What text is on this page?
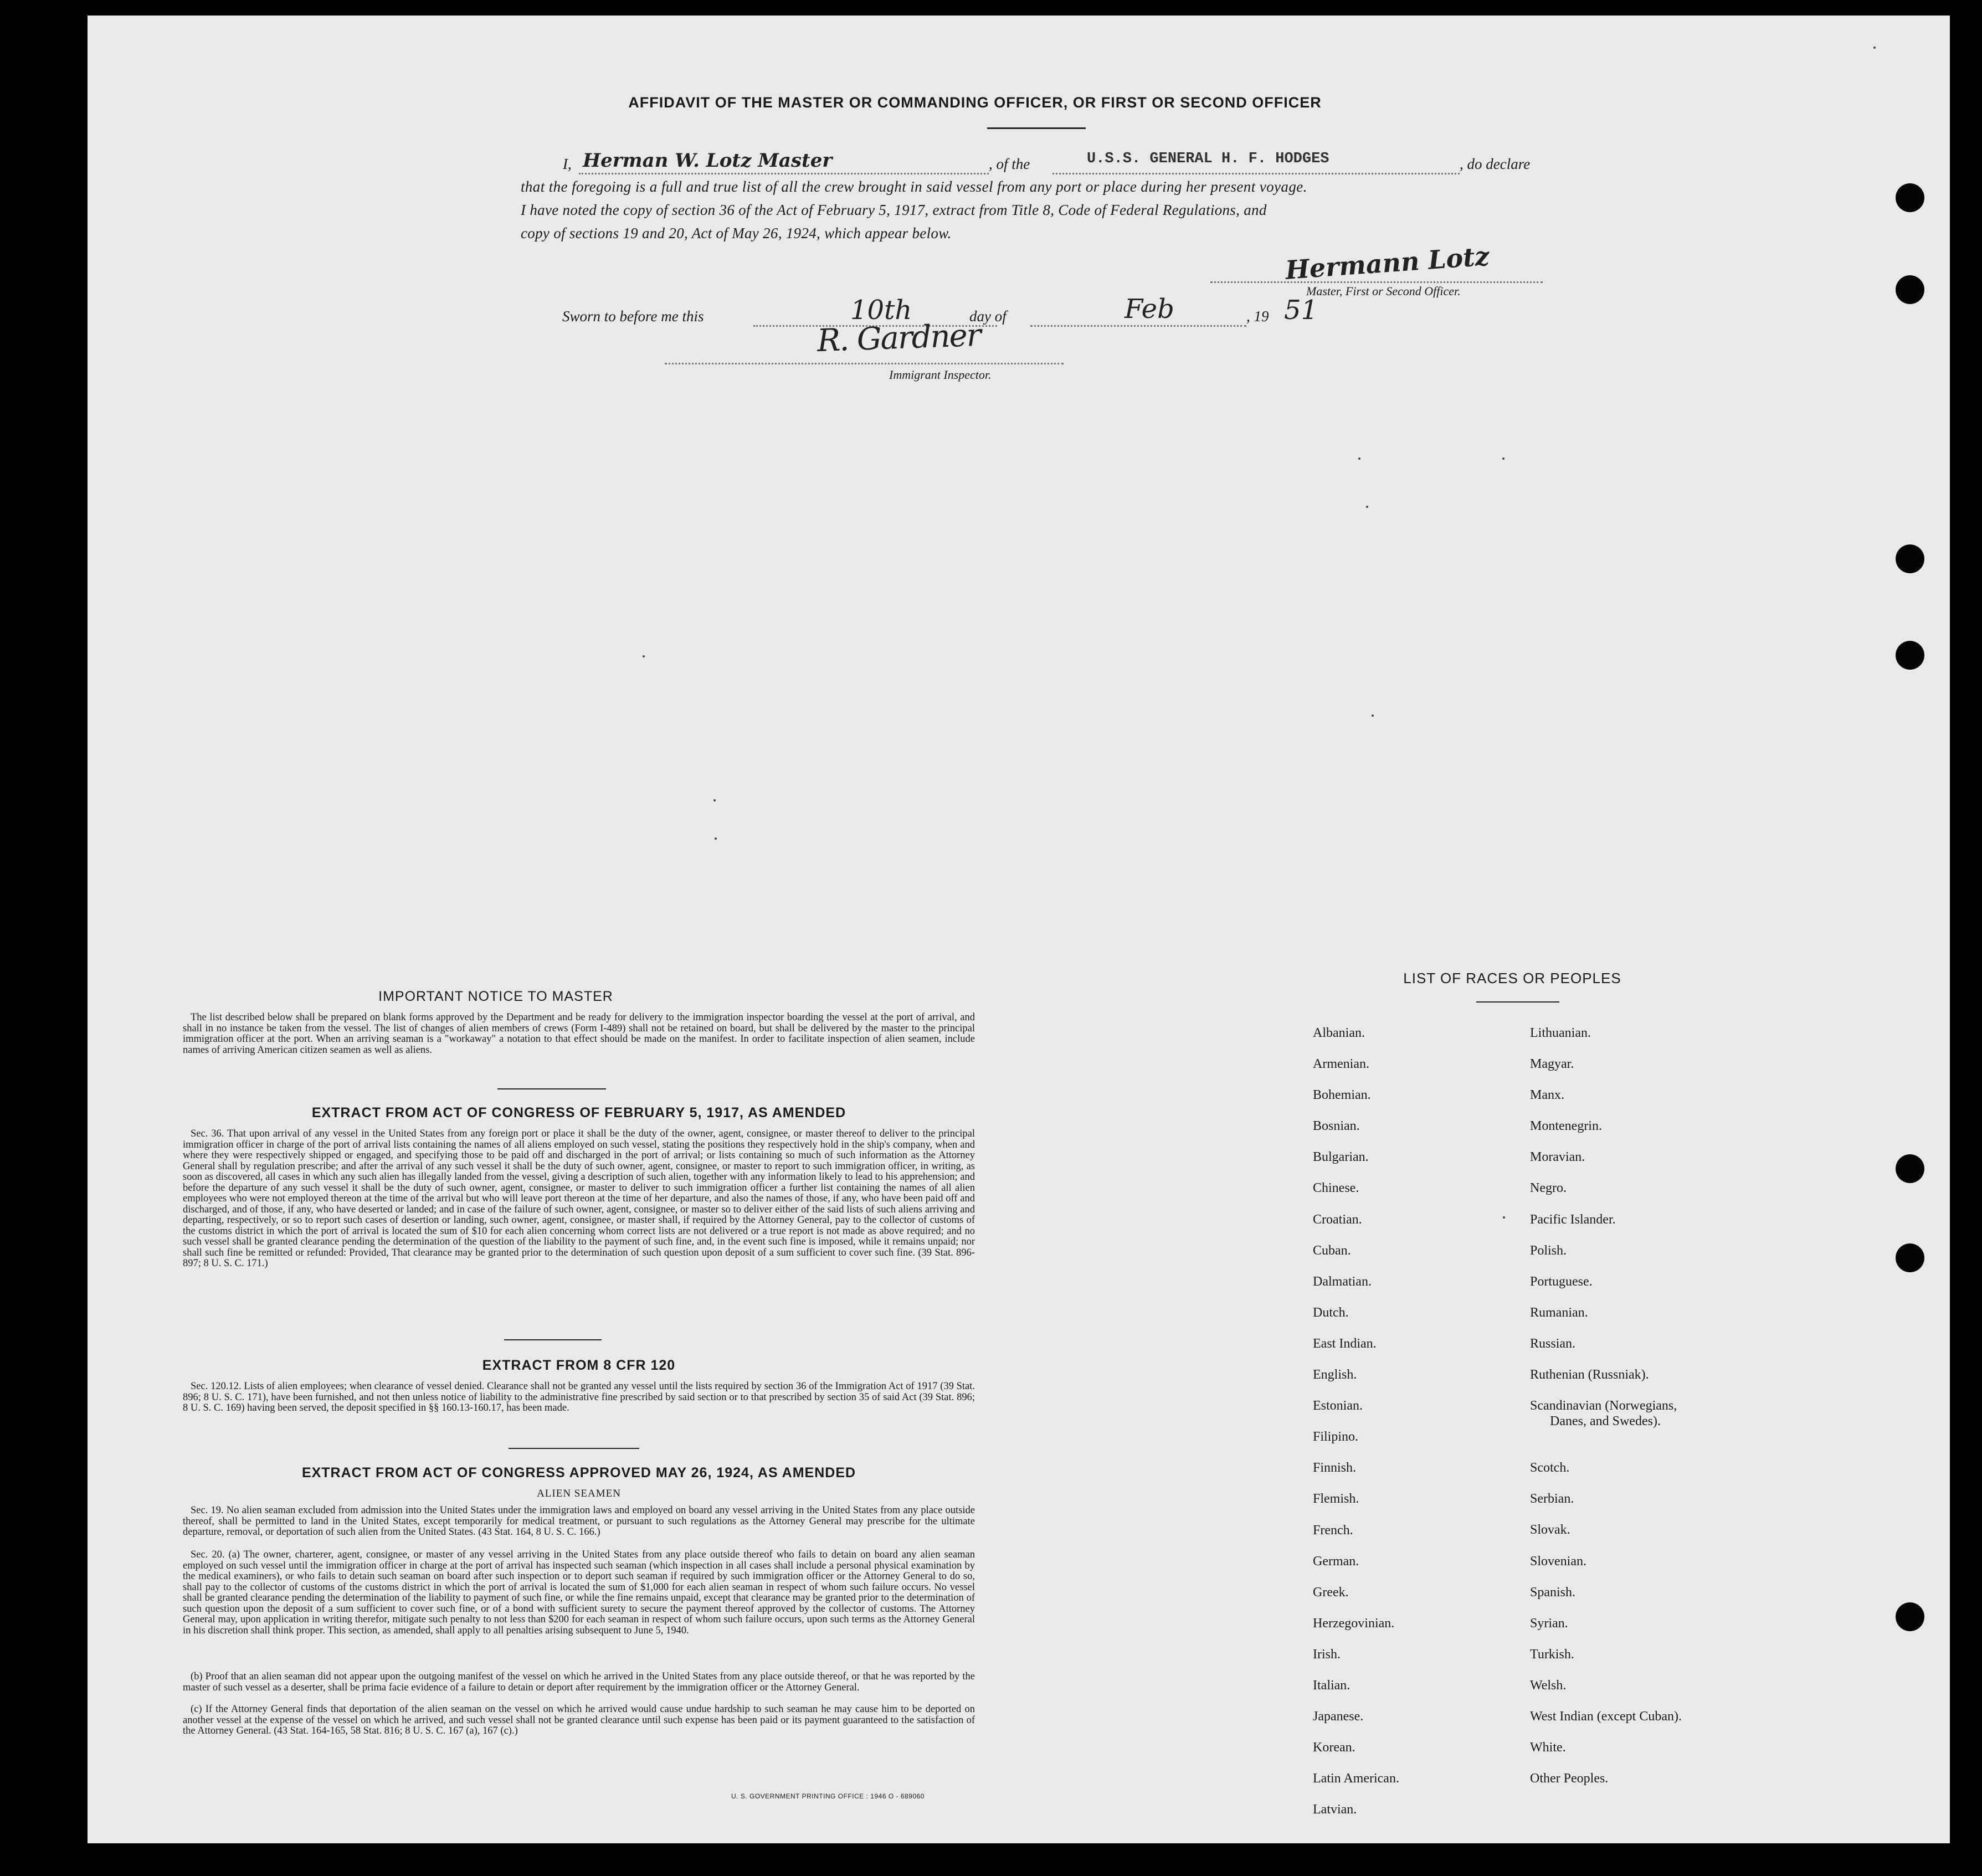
AFFIDAVIT OF THE MASTER OR COMMANDING OFFICER, OR FIRST OR SECOND OFFICER
I, Herman W. Lotz Master	, of the	U.S.S. GENERAL H. F. HODGES	, do declare
that the foregoing is a full and true list of all the crew brought in said vessel from any port or place during her present voyage.
I have noted the copy of section 36 of the Act of February 5, 1917, extract from Title 8, Code of Federal Regulations, and
copy of sections 19 and 20, Act of May 26, 1924, which appear below.
Hermann Lotz
Master, First or Second Officer.
Sworn to before me this	10th	day of	Feb	, 19 51
R. Gardner
Immigrant Inspector.
IMPORTANT NOTICE TO MASTER
The list described below shall be prepared on blank forms approved by the Department and be ready for delivery to the immigration inspector boarding the vessel at the port of arrival, and shall in no instance be taken from the vessel. The list of changes of alien members of crews (Form I-489) shall not be retained on board, but shall be delivered by the master to the principal immigration officer at the port. When an arriving seaman is a "workaway" a notation to that effect should be made on the manifest. In order to facilitate inspection of alien seamen, include names of arriving American citizen seamen as well as aliens.
EXTRACT FROM ACT OF CONGRESS OF FEBRUARY 5, 1917, AS AMENDED
Sec. 36. That upon arrival of any vessel in the United States from any foreign port or place it shall be the duty of the owner, agent, consignee, or master thereof to deliver to the principal immigration officer in charge of the port of arrival lists containing the names of all aliens employed on such vessel, stating the positions they respectively hold in the ship's company, when and where they were respectively shipped or engaged, and specifying those to be paid off and discharged in the port of arrival; or lists containing so much of such information as the Attorney General shall by regulation prescribe; and after the arrival of any such vessel it shall be the duty of such owner, agent, consignee, or master to report to such immigration officer, in writing, as soon as discovered, all cases in which any such alien has illegally landed from the vessel, giving a description of such alien, together with any information likely to lead to his apprehension; and before the departure of any such vessel it shall be the duty of such owner, agent, consignee, or master to deliver to such immigration officer a further list containing the names of all alien employees who were not employed thereon at the time of the arrival but who will leave port thereon at the time of her departure, and also the names of those, if any, who have been paid off and discharged, and of those, if any, who have deserted or landed; and in case of the failure of such owner, agent, consignee, or master so to deliver either of the said lists of such aliens arriving and departing, respectively, or so to report such cases of desertion or landing, such owner, agent, consignee, or master shall, if required by the Attorney General, pay to the collector of customs of the customs district in which the port of arrival is located the sum of $10 for each alien concerning whom correct lists are not delivered or a true report is not made as above required; and no such vessel shall be granted clearance pending the determination of the question of the liability to the payment of such fine, and, in the event such fine is imposed, while it remains unpaid; nor shall such fine be remitted or refunded: Provided, That clearance may be granted prior to the determination of such question upon deposit of a sum sufficient to cover such fine. (39 Stat. 896-897; 8 U. S. C. 171.)
EXTRACT FROM 8 CFR 120
Sec. 120.12. Lists of alien employees; when clearance of vessel denied. Clearance shall not be granted any vessel until the lists required by section 36 of the Immigration Act of 1917 (39 Stat. 896; 8 U. S. C. 171), have been furnished, and not then unless notice of liability to the administrative fine prescribed by said section or to that prescribed by section 35 of said Act (39 Stat. 896; 8 U. S. C. 169) having been served, the deposit specified in §§ 160.13-160.17, has been made.
EXTRACT FROM ACT OF CONGRESS APPROVED MAY 26, 1924, AS AMENDED
ALIEN SEAMEN
Sec. 19. No alien seaman excluded from admission into the United States under the immigration laws and employed on board any vessel arriving in the United States from any place outside thereof, shall be permitted to land in the United States, except temporarily for medical treatment, or pursuant to such regulations as the Attorney General may prescribe for the ultimate departure, removal, or deportation of such alien from the United States. (43 Stat. 164, 8 U. S. C. 166.)
Sec. 20. (a) The owner, charterer, agent, consignee, or master of any vessel arriving in the United States from any place outside thereof who fails to detain on board any alien seaman employed on such vessel until the immigration officer in charge at the port of arrival has inspected such seaman (which inspection in all cases shall include a personal physical examination by the medical examiners), or who fails to detain such seaman on board after such inspection or to deport such seaman if required by such immigration officer or the Attorney General to do so, shall pay to the collector of customs of the customs district in which the port of arrival is located the sum of $1,000 for each alien seaman in respect of whom such failure occurs. No vessel shall be granted clearance pending the determination of the liability to payment of such fine, or while the fine remains unpaid, except that clearance may be granted prior to the determination of such question upon the deposit of a sum sufficient to cover such fine, or of a bond with sufficient surety to secure the payment thereof approved by the collector of customs. The Attorney General may, upon application in writing therefor, mitigate such penalty to not less than $200 for each seaman in respect of whom such failure occurs, upon such terms as the Attorney General in his discretion shall think proper. This section, as amended, shall apply to all penalties arising subsequent to June 5, 1940.
(b) Proof that an alien seaman did not appear upon the outgoing manifest of the vessel on which he arrived in the United States from any place outside thereof, or that he was reported by the master of such vessel as a deserter, shall be prima facie evidence of a failure to detain or deport after requirement by the immigration officer or the Attorney General.
(c) If the Attorney General finds that deportation of the alien seaman on the vessel on which he arrived would cause undue hardship to such seaman he may cause him to be deported on another vessel at the expense of the vessel on which he arrived, and such vessel shall not be granted clearance until such expense has been paid or its payment guaranteed to the satisfaction of the Attorney General. (43 Stat. 164-165, 58 Stat. 816; 8 U. S. C. 167 (a), 167 (c).)
U. S. GOVERNMENT PRINTING OFFICE : 1946 O - 689060
LIST OF RACES OR PEOPLES
Albanian.
Armenian.
Bohemian.
Bosnian.
Bulgarian.
Chinese.
Croatian.
Cuban.
Dalmatian.
Dutch.
East Indian.
English.
Estonian.
Filipino.
Finnish.
Flemish.
French.
German.
Greek.
Herzegovinian.
Irish.
Italian.
Japanese.
Korean.
Latin American.
Latvian.
Lithuanian.
Magyar.
Manx.
Montenegrin.
Moravian.
Negro.
Pacific Islander.
Polish.
Portuguese.
Rumanian.
Russian.
Ruthenian (Russniak).
Scandinavian (Norwegians,
Danes, and Swedes).
Scotch.
Serbian.
Slovak.
Slovenian.
Spanish.
Syrian.
Turkish.
Welsh.
West Indian (except Cuban).
White.
Other Peoples.
